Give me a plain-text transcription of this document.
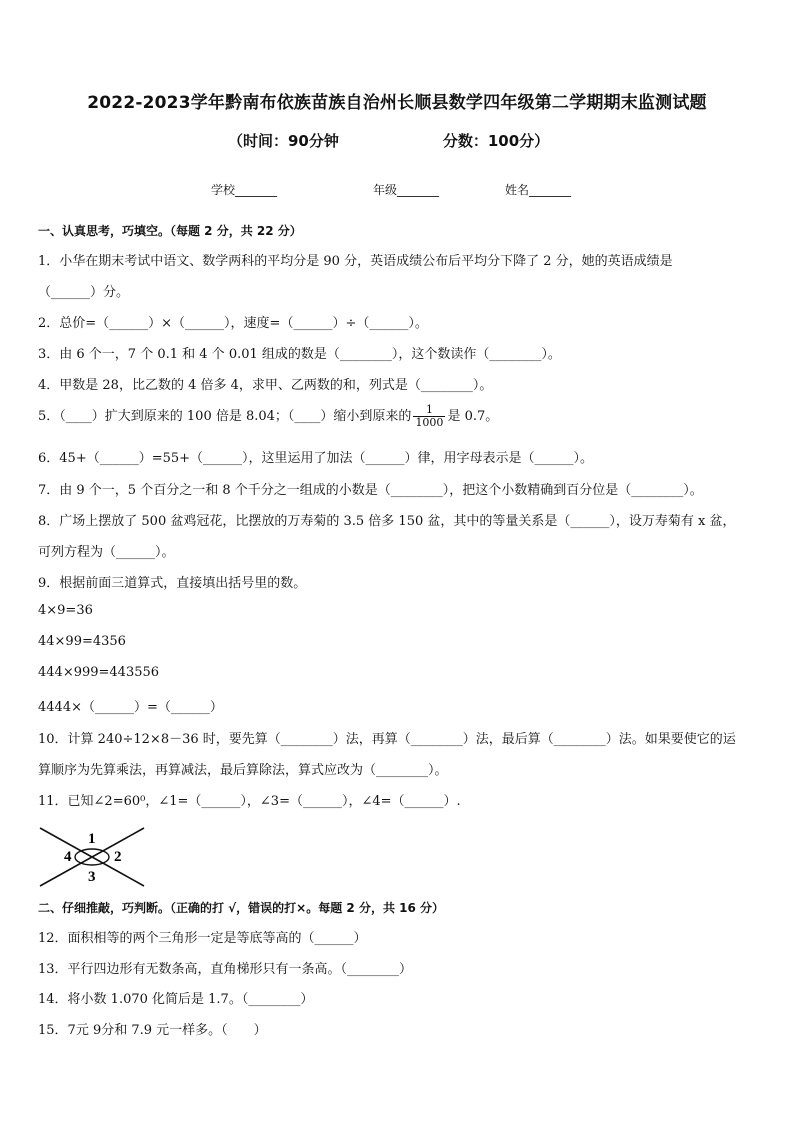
2022-2023学年黔南布依族苗族自治州长顺县数学四年级第二学期期末监测试题
（时间：90分钟	分数：100分）
学校_______	年级_______	姓名_______
一、认真思考，巧填空。（每题 2 分，共 22 分）
1．小华在期末考试中语文、数学两科的平均分是 90 分，英语成绩公布后平均分下降了 2 分，她的英语成绩是
（______）分。
2．总价=（______）×（______），速度=（______）÷（______）。
3．由 6 个一，7 个 0.1 和 4 个 0.01 组成的数是（________），这个数读作（________）。
4．甲数是 28，比乙数的 4 倍多 4，求甲、乙两数的和，列式是（________）。
5．（____）扩大到原来的 100 倍是 8.04；（____）缩小到原来的 $\frac{1}{1000}$ 是 0.7。
6．45+（______）=55+（______），这里运用了加法（______）律，用字母表示是（______）。
7．由 9 个一，5 个百分之一和 8 个千分之一组成的小数是（________），把这个小数精确到百分位是（________）。
8．广场上摆放了 500 盆鸡冠花，比摆放的万寿菊的 3.5 倍多 150 盆，其中的等量关系是（______），设万寿菊有 x 盆，
可列方程为（______）。
9．根据前面三道算式，直接填出括号里的数。
4×9=36
44×99=4356
444×999=443556
4444×（______）=（______）
10．计算 240÷12×8－36 时，要先算（________）法，再算（________）法，最后算（________）法。如果要使它的运
算顺序为先算乘法，再算减法，最后算除法，算式应改为（________）。
11．已知∠2=60⁰，∠1=（______），∠3=（______），∠4=（______）.
1
2
3
4
二、仔细推敲，巧判断。（正确的打 √，错误的打×。每题 2 分，共 16 分）
12．面积相等的两个三角形一定是等底等高的（______）
13．平行四边形有无数条高，直角梯形只有一条高。（________）
14．将小数 1.070 化简后是 1.7。（________）
15．7元 9分和 7.9 元一样多。（　　）
